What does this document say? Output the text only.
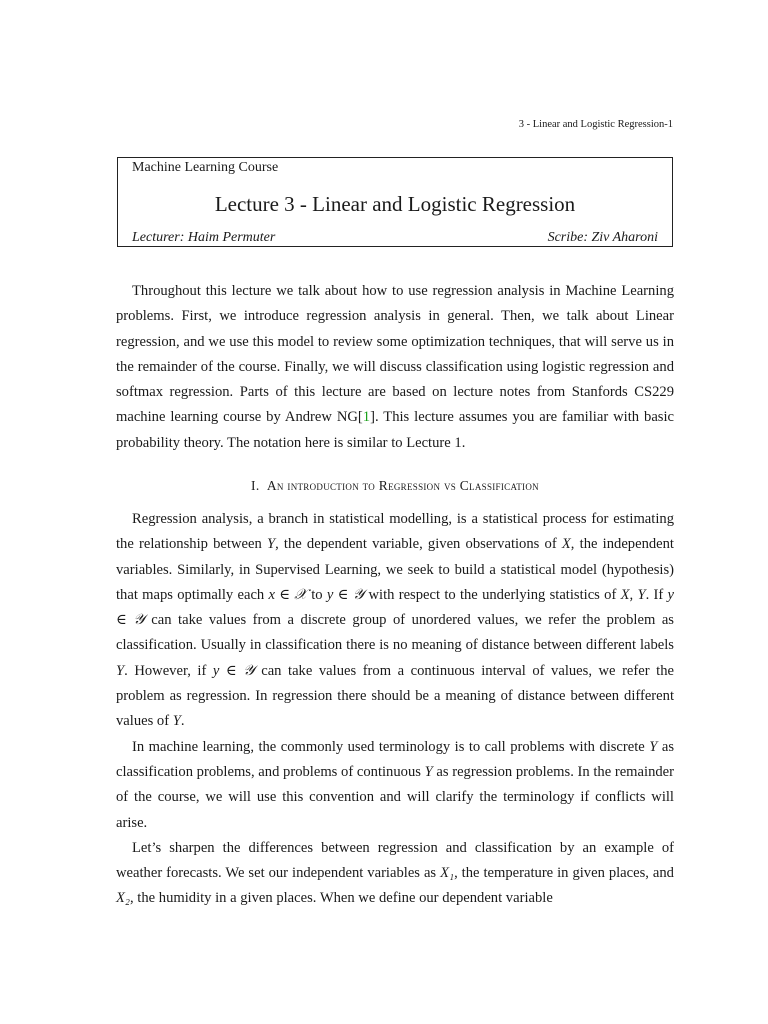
3 - Linear and Logistic Regression-1
Machine Learning Course
Lecture 3 - Linear and Logistic Regression
Lecturer: Haim Permuter	Scribe: Ziv Aharoni

Throughout this lecture we talk about how to use regression analysis in Machine Learning problems. First, we introduce regression analysis in general. Then, we talk about Linear regression, and we use this model to review some optimization techniques, that will serve us in the remainder of the course. Finally, we will discuss classification using logistic regression and softmax regression. Parts of this lecture are based on lecture notes from Stanfords CS229 machine learning course by Andrew NG[1]. This lecture assumes you are familiar with basic probability theory. The notation here is similar to Lecture 1.

I. An introduction to Regression vs Classification

Regression analysis, a branch in statistical modelling, is a statistical process for estimating the relationship between Y, the dependent variable, given observations of X, the independent variables. Similarly, in Supervised Learning, we seek to build a statistical model (hypothesis) that maps optimally each x ∈ 𝒳 to y ∈ 𝒴 with respect to the underlying statistics of X, Y. If y ∈ 𝒴 can take values from a discrete group of unordered values, we refer the problem as classification. Usually in classification there is no meaning of distance between different labels Y. However, if y ∈ 𝒴 can take values from a continuous interval of values, we refer the problem as regression. In regression there should be a meaning of distance between different values of Y.

In machine learning, the commonly used terminology is to call problems with discrete Y as classification problems, and problems of continuous Y as regression problems. In the remainder of the course, we will use this convention and will clarify the terminology if conflicts will arise.

Let’s sharpen the differences between regression and classification by an example of weather forecasts. We set our independent variables as X₁, the temperature in given places, and X₂, the humidity in a given places. When we define our dependent variable
